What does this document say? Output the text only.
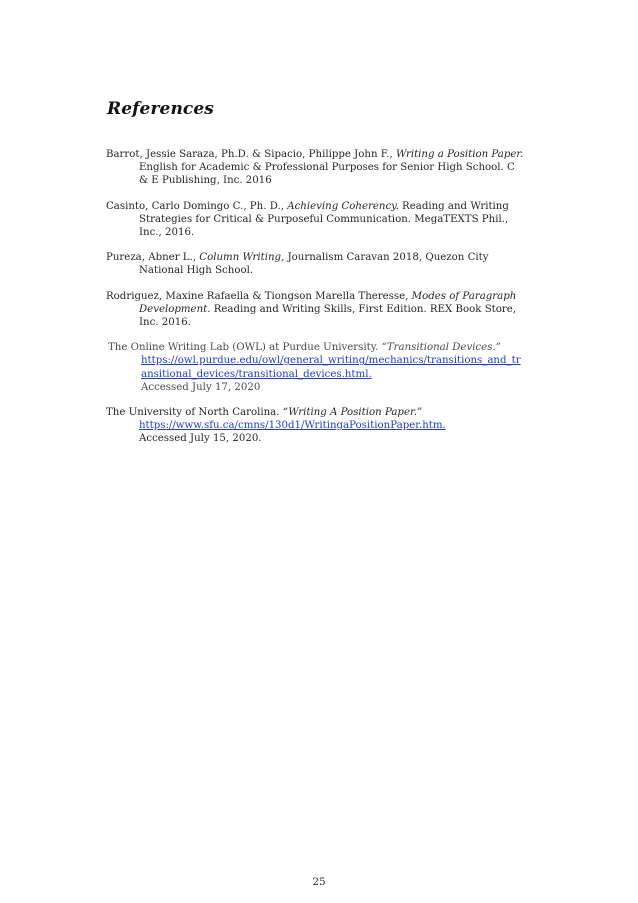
References

Barrot, Jessie Saraza, Ph.D. & Sipacio, Philippe John F., Writing a Position Paper. English for Academic & Professional Purposes for Senior High School. C & E Publishing, Inc. 2016

Casinto, Carlo Domingo C., Ph. D., Achieving Coherency. Reading and Writing Strategies for Critical & Purposeful Communication. MegaTEXTS Phil., Inc., 2016.

Pureza, Abner L., Column Writing, Journalism Caravan 2018, Quezon City National High School.

Rodriguez, Maxine Rafaella & Tiongson Marella Theresse, Modes of Paragraph Development. Reading and Writing Skills, First Edition. REX Book Store, Inc. 2016.

The Online Writing Lab (OWL) at Purdue University. “Transitional Devices.”
https://owl.purdue.edu/owl/general_writing/mechanics/transitions_and_transitional_devices/transitional_devices.html.
Accessed July 17, 2020

The University of North Carolina. “Writing A Position Paper.”
https://www.sfu.ca/cmns/130d1/WritingaPositionPaper.htm.
Accessed July 15, 2020.

25
